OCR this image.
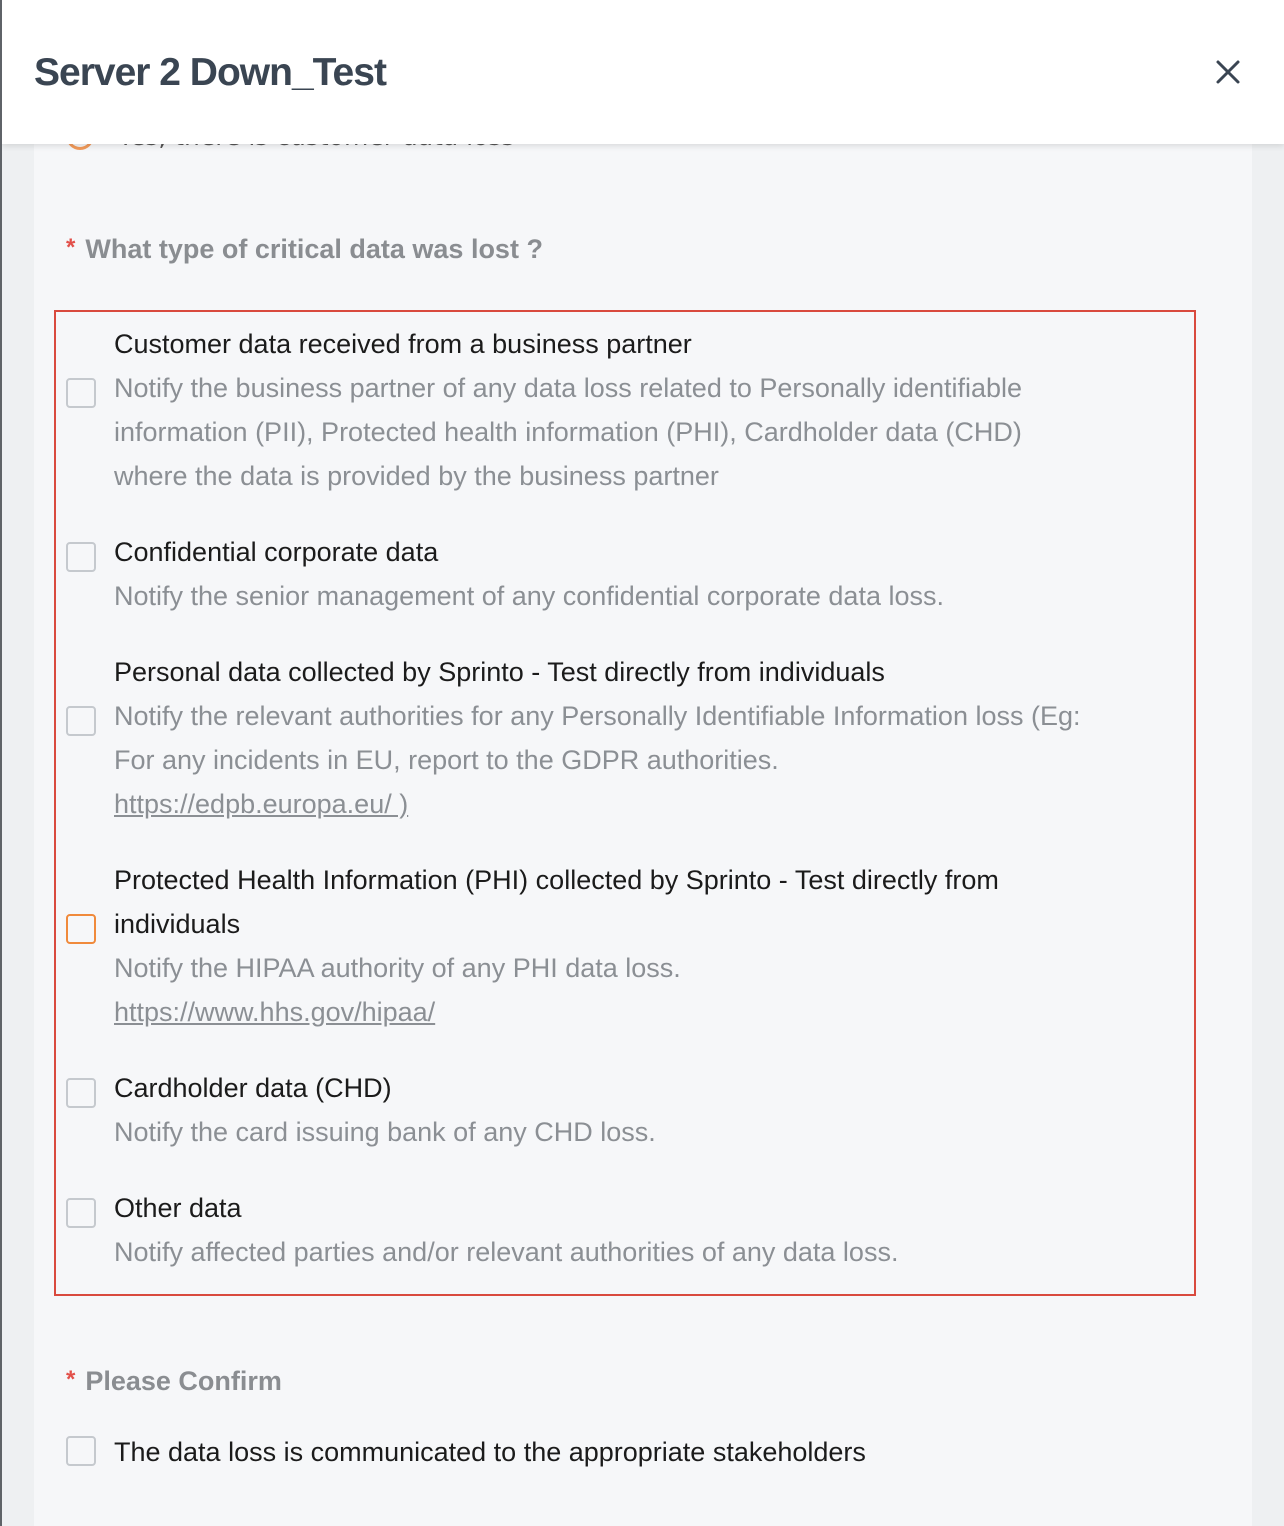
* What type of critical data was lost ?
Customer data received from a business partner
Notify the business partner of any data loss related to Personally identifiable
information (PII), Protected health information (PHI), Cardholder data (CHD)
where the data is provided by the business partner
Confidential corporate data
Notify the senior management of any confidential corporate data loss.
Personal data collected by Sprinto - Test directly from individuals
Notify the relevant authorities for any Personally Identifiable Information loss (Eg:
For any incidents in EU, report to the GDPR authorities.
https://edpb.europa.eu/ )
Protected Health Information (PHI) collected by Sprinto - Test directly from
individuals
Notify the HIPAA authority of any PHI data loss.
https://www.hhs.gov/hipaa/
Cardholder data (CHD)
Notify the card issuing bank of any CHD loss.
Other data
Notify affected parties and/or relevant authorities of any data loss.
* Please Confirm
The data loss is communicated to the appropriate stakeholders
Server 2 Down_Test
